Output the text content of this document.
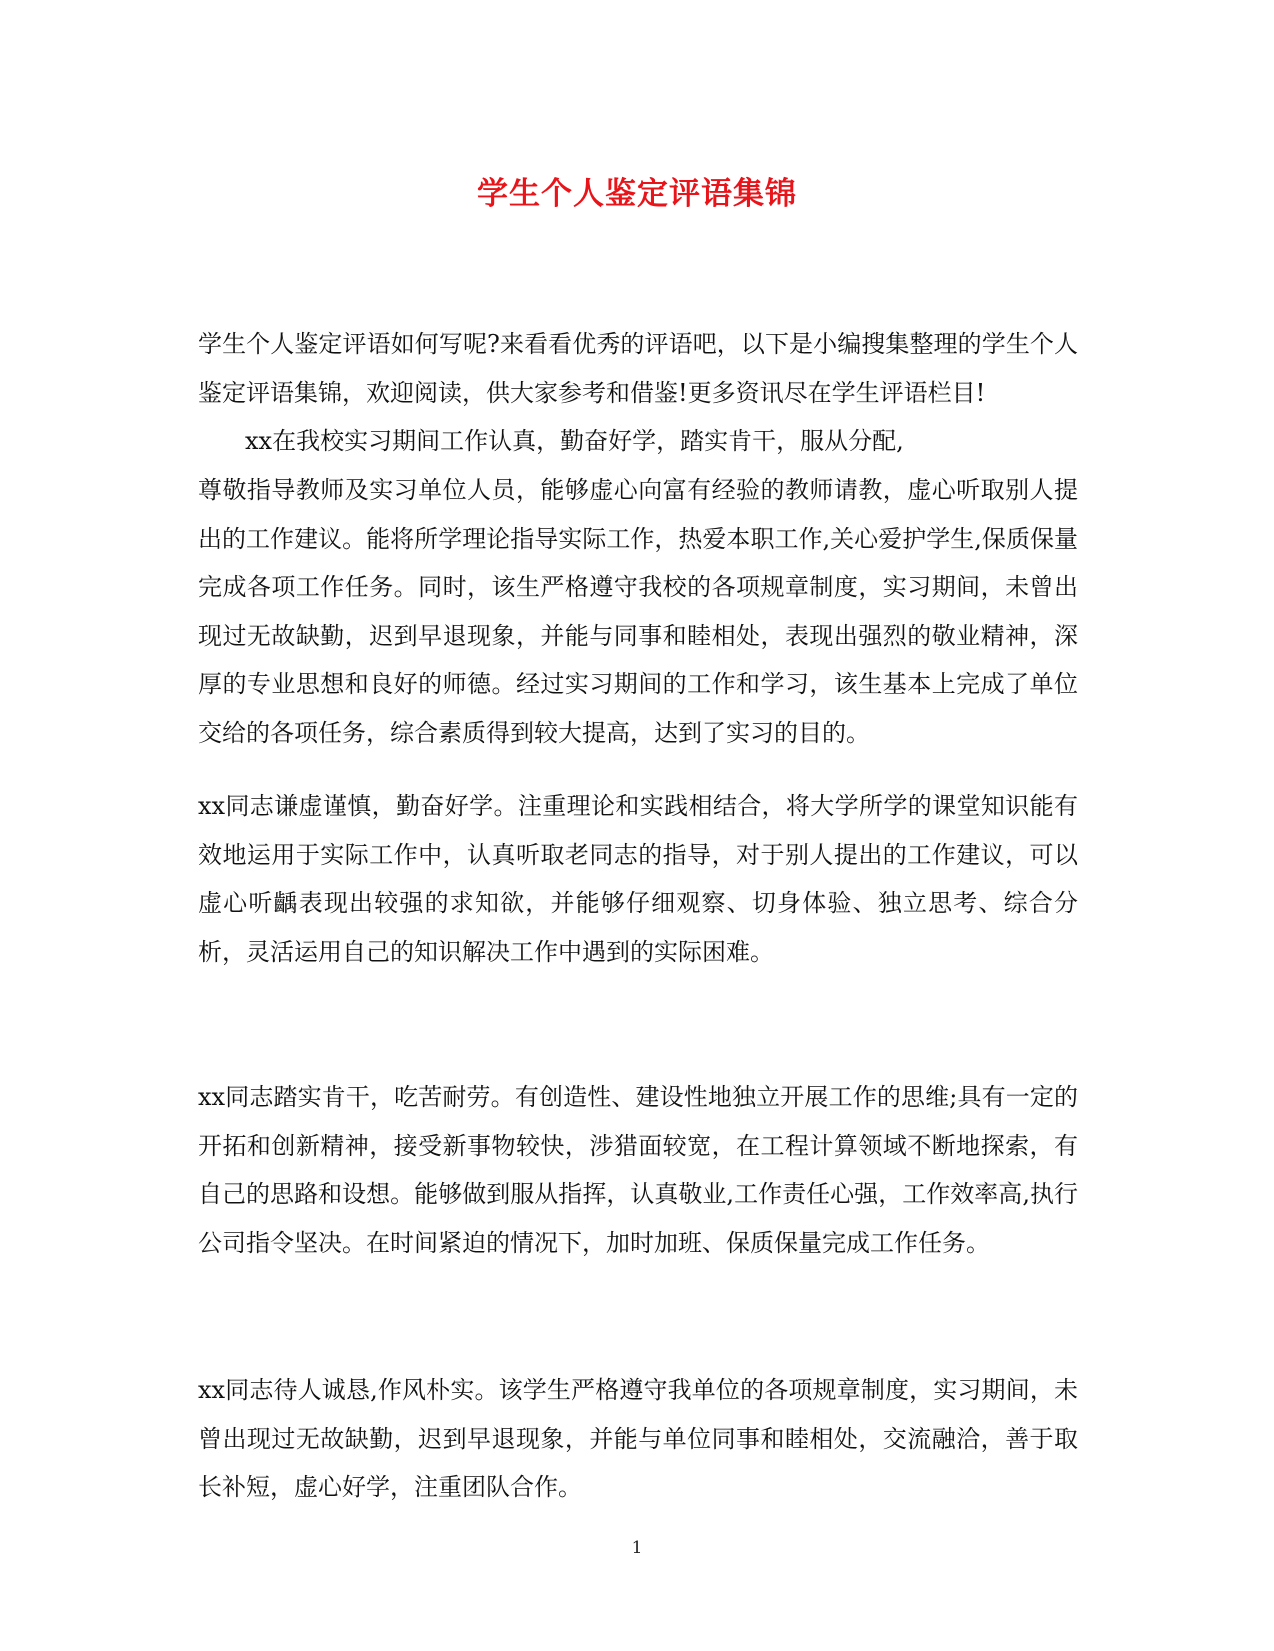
学生个人鉴定评语集锦

学生个人鉴定评语如何写呢?来看看优秀的评语吧，以下是小编搜集整理的学生个人鉴定评语集锦，欢迎阅读，供大家参考和借鉴!更多资讯尽在学生评语栏目!

xx在我校实习期间工作认真，勤奋好学，踏实肯干，服从分配,

尊敬指导教师及实习单位人员，能够虚心向富有经验的教师请教，虚心听取别人提出的工作建议。能将所学理论指导实际工作，热爱本职工作,关心爱护学生,保质保量完成各项工作任务。同时，该生严格遵守我校的各项规章制度，实习期间，未曾出现过无故缺勤，迟到早退现象，并能与同事和睦相处，表现出强烈的敬业精神，深厚的专业思想和良好的师德。经过实习期间的工作和学习，该生基本上完成了单位交给的各项任务，综合素质得到较大提高，达到了实习的目的。

xx同志谦虚谨慎，勤奋好学。注重理论和实践相结合，将大学所学的课堂知识能有效地运用于实际工作中，认真听取老同志的指导，对于别人提出的工作建议，可以虚心听齲表现出较强的求知欲，并能够仔细观察、切身体验、独立思考、综合分析，灵活运用自己的知识解决工作中遇到的实际困难。

xx同志踏实肯干，吃苦耐劳。有创造性、建设性地独立开展工作的思维;具有一定的开拓和创新精神，接受新事物较快，涉猎面较宽，在工程计算领域不断地探索，有自己的思路和设想。能够做到服从指挥，认真敬业,工作责任心强，工作效率高,执行公司指令坚决。在时间紧迫的情况下，加时加班、保质保量完成工作任务。

xx同志待人诚恳,作风朴实。该学生严格遵守我单位的各项规章制度，实习期间，未曾出现过无故缺勤，迟到早退现象，并能与单位同事和睦相处，交流融洽，善于取长补短，虚心好学，注重团队合作。

1
